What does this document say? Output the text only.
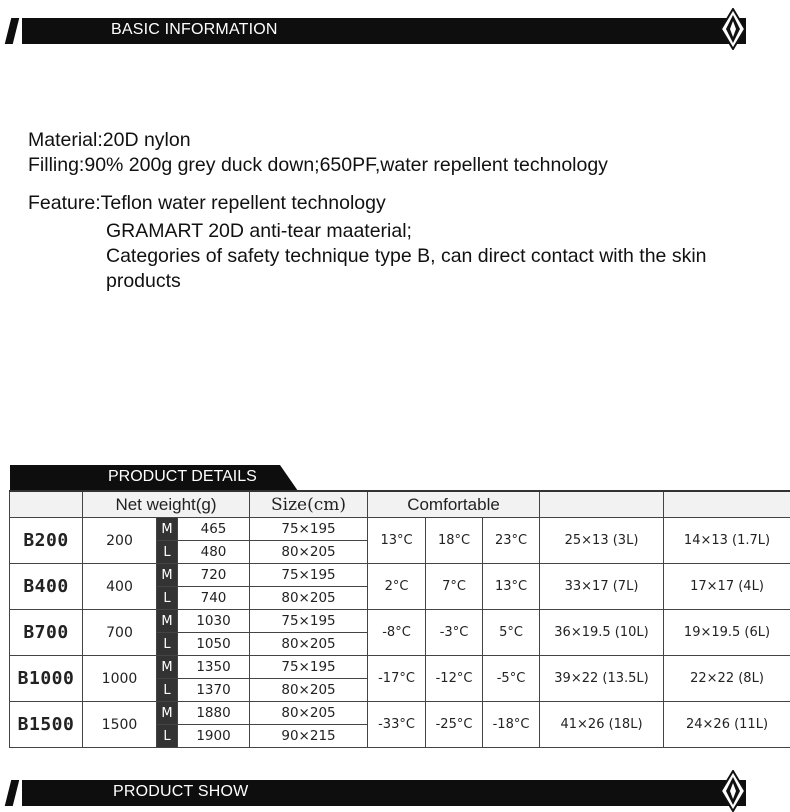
BASIC INFORMATION
Material:20D nylon
Filling:90% 200g grey duck down;650PF,water repellent technology
Feature:Teflon water repellent technology
GRAMART 20D anti-tear maaterial;
Categories of safety technique type B, can direct contact with the skin
products
PRODUCT DETAILS
	Net weight(g)			Size(cm)	Comfortable				
B200	200	M	465	75×195	13°C	18°C	23°C	25×13 (3L)	14×13 (1.7L)
		L	480	80×205					
B400	400	M	720	75×195	2°C	7°C	13°C	33×17 (7L)	17×17 (4L)
		L	740	80×205					
B700	700	M	1030	75×195	-8°C	-3°C	5°C	36×19.5 (10L)	19×19.5 (6L)
		L	1050	80×205					
B1000	1000	M	1350	75×195	-17°C	-12°C	-5°C	39×22 (13.5L)	22×22 (8L)
		L	1370	80×205					
B1500	1500	M	1880	80×205	-33°C	-25°C	-18°C	41×26 (18L)	24×26 (11L)
		L	1900	90×215					
PRODUCT SHOW
